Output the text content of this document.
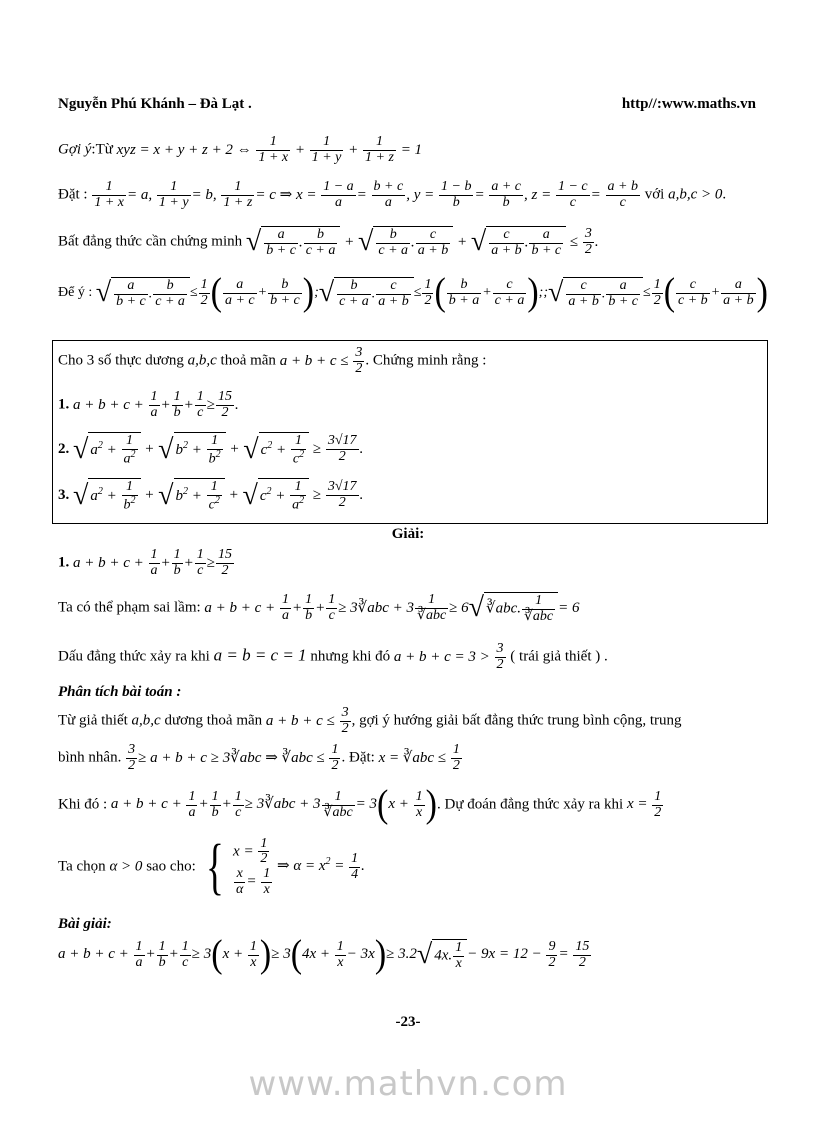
Nguyễn Phú Khánh – Đà Lạt .	http//:www.maths.vn
Gợi ý:Từ xyz = x + y + z + 2 ⇔ $\frac{1}{1 + x} + \frac{1}{1 + y} + \frac{1}{1 + z} = 1$
Đặt : $\frac{1}{1 + x} = a$, $\frac{1}{1 + y} = b$, $\frac{1}{1 + z} = c$ ⇒ $x = \frac{1 - a}{a} = \frac{b + c}{a}$ , $y = \frac{1 - b}{b} = \frac{a + c}{b}$ , $z = \frac{1 - c}{c} = \frac{a + b}{c}$ với a,b,c > 0.
Bất đẳng thức cần chứng minh √ $\frac{a}{b + c}$ . $\frac{b}{c + a}$ + √ $\frac{b}{c + a}$ . $\frac{c}{a + b}$ + √ $\frac{c}{a + b}$ . $\frac{a}{b + c} \le \frac{3}{2}$ .
Để ý : √ $\frac{a}{b + c}$ . $\frac{b}{c + a} \le \frac{1}{2}$ ( $\frac{a}{a + c} + \frac{b}{b + c}$ );√ $\frac{b}{c + a}$ . $\frac{c}{a + b} \le \frac{1}{2}$ ( $\frac{b}{b + a} + \frac{c}{c + a}$ );;√ $\frac{c}{a + b}$ . $\frac{a}{b + c} \le \frac{1}{2}$ ( $\frac{c}{c + b} + \frac{a}{a + b}$ )
Cho 3 số thực dương a,b,c thoả mãn $a + b + c \le \frac{3}{2}$ . Chứng minh rằng :
1. $a + b + c + \frac{1}{a} + \frac{1}{b} + \frac{1}{c} \ge \frac{15}{2}$ .
2. √ $a^2 + \frac{1}{a^2}$ + √ $b^2 + \frac{1}{b^2}$ + √ $c^2 + \frac{1}{c^2} \ge \frac{3√17}{2}$ .
3. √ $a^2 + \frac{1}{b^2}$ + √ $b^2 + \frac{1}{c^2}$ + √ $c^2 + \frac{1}{a^2} \ge \frac{3√17}{2}$ .
Giải:
1. $a + b + c + \frac{1}{a} + \frac{1}{b} + \frac{1}{c} \ge \frac{15}{2}$
Ta có thể phạm sai lầm: $a + b + c + \frac{1}{a} + \frac{1}{b} + \frac{1}{c}$ ≥ 3∛abc + $3 \frac{1}{\text{∛abc}} \ge 6√$ ∛abc. $\frac{1}{\text{∛abc}} = 6$
Dấu đẳng thức xảy ra khi a = b = c = 1 nhưng khi đó $a + b + c = 3 > \frac{3}{2}$ ( trái giả thiết ) .
Phân tích bài toán :
Từ giả thiết a,b,c dương thoả mãn $a + b + c \le \frac{3}{2}$ , gợi ý hướng giải bất đẳng thức trung bình cộng, trung
bình nhân. $\frac{3}{2} \ge a + b + c$ ≥ 3∛abc ⇒ ∛abc ≤ $\frac{1}{2}$ . Đặt: x = ∛abc ≤ $\frac{1}{2}$
Khi đó : $a + b + c + \frac{1}{a} + \frac{1}{b} + \frac{1}{c}$ ≥ 3∛abc + $3 \frac{1}{\text{∛abc}} = 3(x + \frac{1}{x}$ ). Dự đoán đẳng thức xảy ra khi $x = \frac{1}{2}$
Ta chọn α > 0 sao cho: { $x = \frac{1}{2}$
$\frac{x}{\alpha} = \frac{1}{x}$
⇒ $\alpha = x^2 = \frac{1}{4}$ .
Bài giải:
$a + b + c + \frac{1}{a} + \frac{1}{b} + \frac{1}{c} \ge 3(x + \frac{1}{x}$ )≥ $3(4x + \frac{1}{x} - 3x)\ge 3.2√$ 4x. $\frac{1}{x} - 9x = 12 - \frac{9}{2} = \frac{15}{2}$
-23-
www.mathvn.com
